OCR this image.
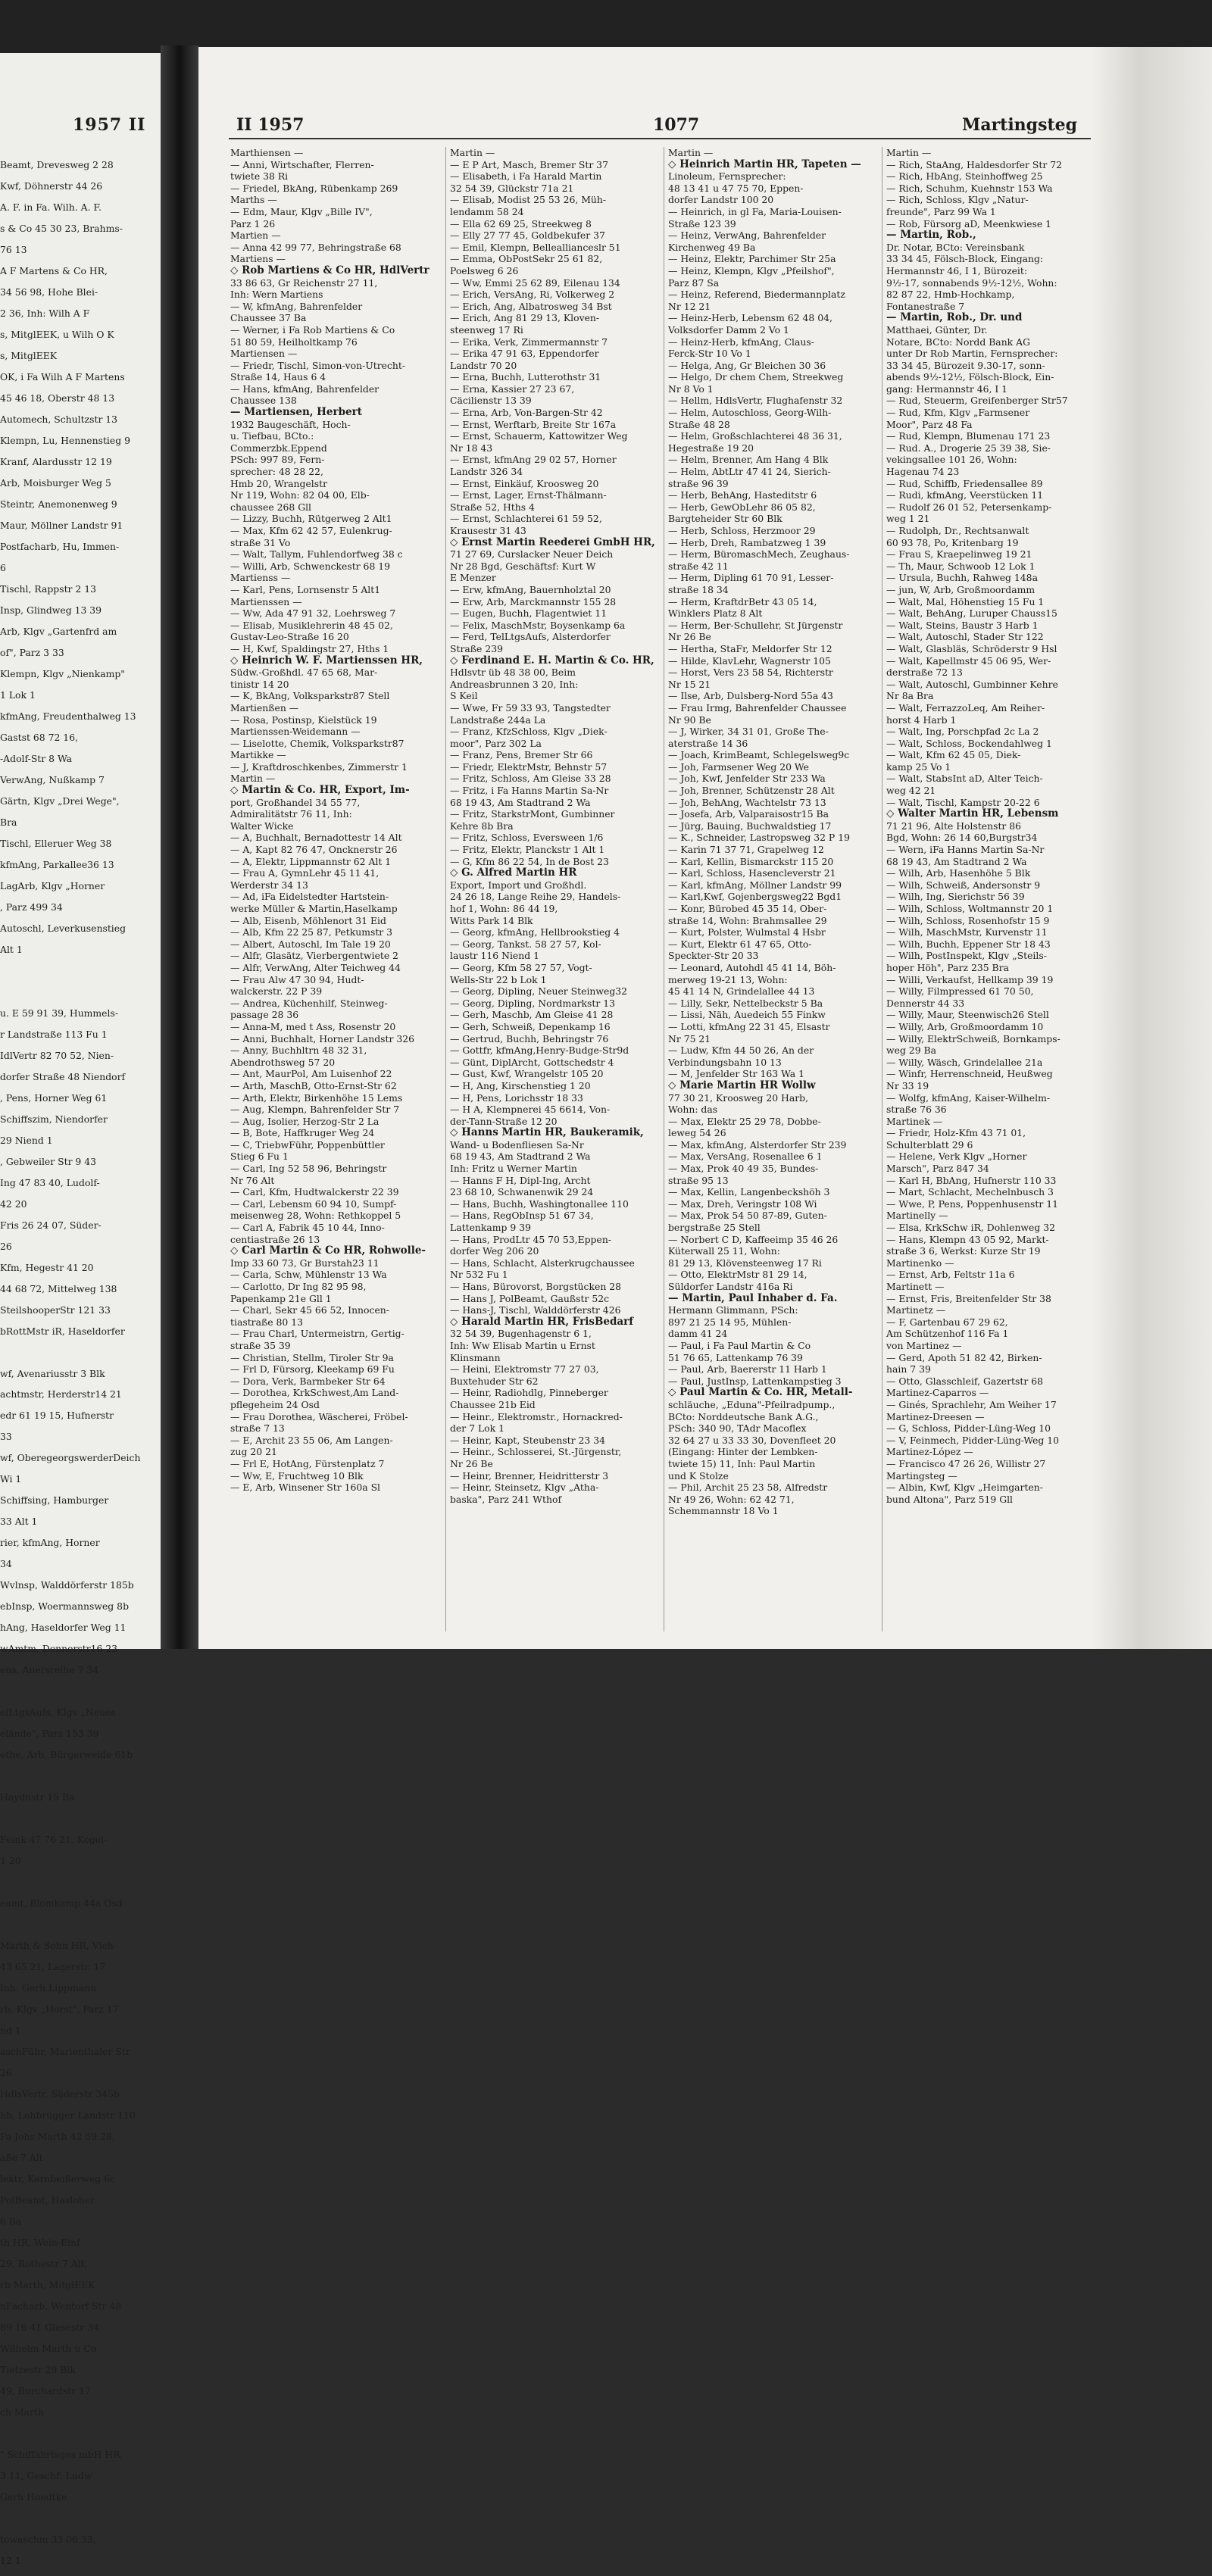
1957 II

Beamt, Drevesweg 2 28

Kwf, Döhnerstr 44 26

A. F. in Fa. Wilh. A. F.

s & Co 45 30 23, Brahms-

76 13

A F Martens & Co HR,

34 56 98, Hohe Blei-

2 36, Inh: Wilh A F

s, MitglEEK, u Wilh O K

s, MitglEEK

OK, i Fa Wilh A F Martens

45 46 18, Oberstr 48 13

Automech, Schultzstr 13

Klempn, Lu, Hennenstieg 9

Kranf, Alardusstr 12 19

Arb, Moisburger Weg 5

Steintr, Anemonenweg 9

Maur, Möllner Landstr 91

Postfacharb, Hu, Immen-

6

Tischl, Rappstr 2 13

Insp, Glindweg 13 39

Arb, Klgv „Gartenfrd am

of", Parz 3 33

Klempn, Klgv „Nienkamp"

1 Lok 1

kfmAng, Freudenthalweg 13

Gastst 68 72 16,

-Adolf-Str 8 Wa

VerwAng, Nußkamp 7

Gärtn, Klgv „Drei Wege",

Bra

Tischl, Elleruer Weg 38

kfmAng, Parkallee36 13

LagArb, Klgv „Horner

, Parz 499 34

Autoschl, Leverkusenstieg

Alt 1

u. E 59 91 39, Hummels-

r Landstraße 113 Fu 1

IdlVertr 82 70 52, Nien-

dorfer Straße 48 Niendorf

, Pens, Horner Weg 61

Schiffszim, Niendorfer

29 Niend 1

, Gebweiler Str 9 43

Ing 47 83 40, Ludolf-

42 20

Fris 26 24 07, Süder-

26

Kfm, Hegestr 41 20

44 68 72, Mittelweg 138

SteilshooperStr 121 33

bRottMstr iR, Haseldorfer

wf, Avenariusstr 3 Blk

achtmstr, Herderstr14 21

edr 61 19 15, Hufnerstr

33

wf, OberegeorgswerderDeich

Wi 1

Schiffsing, Hamburger

33 Alt 1

rier, kfmAng, Horner

34

Wvlnsp, Walddörferstr 185b

ebInsp, Woermannsweg 8b

hAng, Haseldorfer Weg 11

wAmtm, Dennerstr16 23

ens, Auersreihe 7 34

elLtgsAufs, Klgv „Neues

elände", Parz 153 39

ethe, Arb, Bürgerweide 61b

Haydnstr 15 Ba

Feink 47 76 21, Kegel-

1 20

eamt, Blomkamp 44a Osd

Marth & Sohn HR, Vieh-

43 65 21, Lagerstr. 17

Inh: Gerh Lippmann

rb, Klgv „Horst", Parz 17

nd 1

aschFühr, Marienthaler Str

26

HdlsVertr, Süderstr 345b

hb, Lohbrügger Landstr 110

Fa Johs Marth 42 59 28,

aße 7 Alt

lektr, Kernbeißerweg 6c

PolBeamt, Hasloher

6 Ba

th HR, Wein-Einf

29, Rothestr 7 Alt,

rb Marth, MitglEEK

nFacharb, Wentorf Str 48

89 16 41 Giesestr 34

Wilhelm Marth u Co

Tietzestr 29 Blk

49, Burchardstr 17

ch Marth

" Schiffahrtsges mbH HR,

3 11, Geschf: Ludw

Gerh Hoedtke

towaschm 33 06 33,

12 1

II 1957	1077	Martingsteg

Marthiensen —

— Anni, Wirtschafter, Flerren-

twiete 38 Ri

— Friedel, BkAng, Rübenkamp 269

Marths —

— Edm, Maur, Klgv „Bille IV",

Parz 1 26

Martien —

— Anna 42 99 77, Behringstraße 68

Martiens —

◇ Rob Martiens & Co HR, HdlVertr

33 86 63, Gr Reichenstr 27 11,

Inh: Wern Martiens

— W, kfmAng, Bahrenfelder

Chaussee 37 Ba

— Werner, i Fa Rob Martiens & Co

51 80 59, Heilholtkamp 76

Martiensen —

— Friedr, Tischl, Simon-von-Utrecht-

Straße 14, Haus 6 4

— Hans, kfmAng, Bahrenfelder

Chaussee 138

— Martiensen, Herbert

1932 Baugeschäft, Hoch-

u. Tiefbau, BCto.:

Commerzbk.Eppend

PSch: 997 89, Fern-

sprecher: 48 28 22,

Hmb 20, Wrangelstr

Nr 119, Wohn: 82 04 00, Elb-

chaussee 268 Gll

— Lizzy, Buchh, Rütgerweg 2 Alt1

— Max, Kfm 62 42 57, Eulenkrug-

straße 31 Vo

— Walt, Tallym, Fuhlendorfweg 38 c

— Willi, Arb, Schwenckestr 68 19

Martienss —

— Karl, Pens, Lornsenstr 5 Alt1

Martienssen —

— Ww, Ada 47 91 32, Loehrsweg 7

— Elisab, Musiklehrerin 48 45 02,

Gustav-Leo-Straße 16 20

— H, Kwf, Spaldingstr 27, Hths 1

◇ Heinrich W. F. Martienssen HR,

Südw.-Großhdl. 47 65 68, Mar-

tinistr 14 20

— K, BkAng, Volksparkstr87 Stell

Martienßen —

— Rosa, Postinsp, Kielstück 19

Martienssen-Weidemann —

— Liselotte, Chemik, Volksparkstr87

Martikke —

— J, Kraftdroschkenbes, Zimmerstr 1

Martin —

◇ Martin & Co. HR, Export, Im-

port, Großhandel 34 55 77,

Admiralitätstr 76 11, Inh:

Walter Wicke

— A, Buchhalt, Bernadottestr 14 Alt

— A, Kapt 82 76 47, Oncknerstr 26

— A, Elektr, Lippmannstr 62 Alt 1

— Frau A, GymnLehr 45 11 41,

Werderstr 34 13

— Ad, iFa Eidelstedter Hartstein-

werke Müller & Martin,Haselkamp

— Alb, Eisenb, Möhlenort 31 Eid

— Alb, Kfm 22 25 87, Petkumstr 3

— Albert, Autoschl, Im Tale 19 20

— Alfr, Glasätz, Vierbergentwiete 2

— Alfr, VerwAng, Alter Teichweg 44

— Frau Alw 47 30 94, Hudt-

walckerstr. 22 P 39

— Andrea, Küchenhilf, Steinweg-

passage 28 36

— Anna-M, med t Ass, Rosenstr 20

— Anni, Buchhalt, Horner Landstr 326

— Anny, Buchhltrn 48 32 31,

Abendrothsweg 57 20

— Ant, MaurPol, Am Luisenhof 22

— Arth, MaschB, Otto-Ernst-Str 62

— Arth, Elektr, Birkenhöhe 15 Lems

— Aug, Klempn, Bahrenfelder Str 7

— Aug, Isolier, Herzog-Str 2 La

— B, Bote, Haffkruger Weg 24

— C, TriebwFühr, Poppenbüttler

Stieg 6 Fu 1

— Carl, Ing 52 58 96, Behringstr

Nr 76 Alt

— Carl, Kfm, Hudtwalckerstr 22 39

— Carl, Lebensm 60 94 10, Sumpf-

meisenweg 28, Wohn: Rethkoppel 5

— Carl A, Fabrik 45 10 44, Inno-

centiastraße 26 13

◇ Carl Martin & Co HR, Rohwolle-

Imp 33 60 73, Gr Burstah23 11

— Carla, Schw, Mühlenstr 13 Wa

— Carlotto, Dr Ing 82 95 98,

Papenkamp 21e Gll 1

— Charl, Sekr 45 66 52, Innocen-

tiastraße 80 13

— Frau Charl, Untermeistrn, Gertig-

straße 35 39

— Christian, Stellm, Tiroler Str 9a

— Frl D, Fürsorg, Kleekamp 69 Fu

— Dora, Verk, Barmbeker Str 64

— Dorothea, KrkSchwest,Am Land-

pflegeheim 24 Osd

— Frau Dorothea, Wäscherei, Fröbel-

straße 7 13

— E, Archit 23 55 06, Am Langen-

zug 20 21

— Frl E, HotAng, Fürstenplatz 7

— Ww, E, Fruchtweg 10 Blk

— E, Arb, Winsener Str 160a Sl

Martin —

— E P Art, Masch, Bremer Str 37

— Elisabeth, i Fa Harald Martin

32 54 39, Glückstr 71a 21

— Elisab, Modist 25 53 26, Müh-

lendamm 58 24

— Ella 62 69 25, Streekweg 8

— Elly 27 77 45, Goldbekufer 37

— Emil, Klempn, Belleallianceslr 51

— Emma, ObPostSekr 25 61 82,

Poelsweg 6 26

— Ww, Emmi 25 62 89, Eilenau 134

— Erich, VersAng, Ri, Volkerweg 2

— Erich, Ang, Albatrosweg 34 Bst

— Erich, Ang 81 29 13, Kloven-

steenweg 17 Ri

— Erika, Verk, Zimmermannstr 7

— Erika 47 91 63, Eppendorfer

Landstr 70 20

— Erna, Buchh, Lutterothstr 31

— Erna, Kassier 27 23 67,

Cäcilienstr 13 39

— Erna, Arb, Von-Bargen-Str 42

— Ernst, Werftarb, Breite Str 167a

— Ernst, Schauerm, Kattowitzer Weg

Nr 18 43

— Ernst, kfmAng 29 02 57, Horner

Landstr 326 34

— Ernst, Einkäuf, Kroosweg 20

— Ernst, Lager, Ernst-Thälmann-

Straße 52, Hths 4

— Ernst, Schlachterei 61 59 52,

Krausestr 31 43

◇ Ernst Martin Reederei GmbH HR,

71 27 69, Curslacker Neuer Deich

Nr 28 Bgd, Geschäftsf: Kurt W

E Menzer

— Erw, kfmAng, Bauernholztal 20

— Erw, Arb, Marckmannstr 155 28

— Eugen, Buchh, Flagentwiet 11

— Felix, MaschMstr, Boysenkamp 6a

— Ferd, TelLtgsAufs, Alsterdorfer

Straße 239

◇ Ferdinand E. H. Martin & Co. HR,

Hdlsvtr üb 48 38 00, Beim

Andreasbrunnen 3 20, Inh:

S Keil

— Wwe, Fr 59 33 93, Tangstedter

Landstraße 244a La

— Franz, KfzSchloss, Klgv „Diek-

moor", Parz 302 La

— Franz, Pens, Bremer Str 66

— Friedr, ElektrMstr, Behnstr 57

— Fritz, Schloss, Am Gleise 33 28

— Fritz, i Fa Hanns Martin Sa-Nr

68 19 43, Am Stadtrand 2 Wa

— Fritz, StarkstrMont, Gumbinner

Kehre 8b Bra

— Fritz, Schloss, Eversween 1/6

— Fritz, Elektr, Planckstr 1 Alt 1

— G, Kfm 86 22 54, In de Bost 23

◇ G. Alfred Martin HR

Export, Import und Großhdl.

24 26 18, Lange Reihe 29, Handels-

hof 1, Wohn: 86 44 19,

Witts Park 14 Blk

— Georg, kfmAng, Hellbrookstieg 4

— Georg, Tankst. 58 27 57, Kol-

laustr 116 Niend 1

— Georg, Kfm 58 27 57, Vogt-

Wells-Str 22 b Lok 1

— Georg, Dipling, Neuer Steinweg32

— Georg, Dipling, Nordmarkstr 13

— Gerh, Maschb, Am Gleise 41 28

— Gerh, Schweiß, Depenkamp 16

— Gertrud, Buchh, Behringstr 76

— Gottfr, kfmAng,Henry-Budge-Str9d

— Günt, DiplArcht, Gottschedstr 4

— Gust, Kwf, Wrangelstr 105 20

— H, Ang, Kirschenstieg 1 20

— H, Pens, Lorichsstr 18 33

— H A, Klempnerei 45 6614, Von-

der-Tann-Straße 12 20

◇ Hanns Martin HR, Baukeramik,

Wand- u Bodenfliesen Sa-Nr

68 19 43, Am Stadtrand 2 Wa

Inh: Fritz u Werner Martin

— Hanns F H, Dipl-Ing, Archt

23 68 10, Schwanenwik 29 24

— Hans, Buchh, Washingtonallee 110

— Hans, RegObInsp 51 67 34,

Lattenkamp 9 39

— Hans, ProdLtr 45 70 53,Eppen-

dorfer Weg 206 20

— Hans, Schlacht, Alsterkrugchaussee

Nr 532 Fu 1

— Hans, Bürovorst, Borgstücken 28

— Hans J, PolBeamt, Gaußstr 52c

— Hans-J, Tischl, Walddörferstr 426

◇ Harald Martin HR, FrisBedarf

32 54 39, Bugenhagenstr 6 1,

Inh: Ww Elisab Martin u Ernst

Klinsmann

— Heini, Elektromstr 77 27 03,

Buxtehuder Str 62

— Heinr, Radiohdlg, Pinneberger

Chaussee 21b Eid

— Heinr., Elektromstr., Hornackred-

der 7 Lok 1

— Heinr, Kapt, Steubenstr 23 34

— Heinr., Schlosserei, St.-Jürgenstr,

Nr 26 Be

— Heinr, Brenner, Heidritterstr 3

— Heinr, Steinsetz, Klgv „Atha-

baska", Parz 241 Wthof

Martin —

◇ Heinrich Martin HR, Tapeten —

Linoleum, Fernsprecher:

48 13 41 u 47 75 70, Eppen-

dorfer Landstr 100 20

— Heinrich, in gl Fa, Maria-Louisen-

Straße 123 39

— Heinz, VerwAng, Bahrenfelder

Kirchenweg 49 Ba

— Heinz, Elektr, Parchimer Str 25a

— Heinz, Klempn, Klgv „Pfeilshof",

Parz 87 Sa

— Heinz, Referend, Biedermannplatz

Nr 12 21

— Heinz-Herb, Lebensm 62 48 04,

Volksdorfer Damm 2 Vo 1

— Heinz-Herb, kfmAng, Claus-

Ferck-Str 10 Vo 1

— Helga, Ang, Gr Bleichen 30 36

— Helgo, Dr chem Chem, Streekweg

Nr 8 Vo 1

— Hellm, HdlsVertr, Flughafenstr 32

— Helm, Autoschloss, Georg-Wilh-

Straße 48 28

— Helm, Großschlachterei 48 36 31,

Hegestraße 19 20

— Helm, Brenner, Am Hang 4 Blk

— Helm, AbtLtr 47 41 24, Sierich-

straße 96 39

— Herb, BehAng, Hasteditstr 6

— Herb, GewObLehr 86 05 82,

Bargteheider Str 60 Blk

— Herb, Schloss, Herzmoor 29

— Herb, Dreh, Rambatzweg 1 39

— Herm, BüromaschMech, Zeughaus-

straße 42 11

— Herm, Dipling 61 70 91, Lesser-

straße 18 34

— Herm, KraftdrBetr 43 05 14,

Winklers Platz 8 Alt

— Herm, Ber-Schullehr, St Jürgenstr

Nr 26 Be

— Hertha, StaFr, Meldorfer Str 12

— Hilde, KlavLehr, Wagnerstr 105

— Horst, Vers 23 58 54, Richterstr

Nr 15 21

— Ilse, Arb, Dulsberg-Nord 55a 43

— Frau Irmg, Bahrenfelder Chaussee

Nr 90 Be

— J, Wirker, 34 31 01, Große The-

aterstraße 14 36

— Joach, KrimBeamt, Schlegelsweg9c

— Joh, Farmsener Weg 20 We

— Joh, Kwf, Jenfelder Str 233 Wa

— Joh, Brenner, Schützenstr 28 Alt

— Joh, BehAng, Wachtelstr 73 13

— Josefa, Arb, Valparaisostr15 Ba

— Jürg, Bauing, Buchwaldstieg 17

— K., Schneider, Lastropsweg 32 P 19

— Karin 71 37 71, Grapelweg 12

— Karl, Kellin, Bismarckstr 115 20

— Karl, Schloss, Hasencleverstr 21

— Karl, kfmAng, Möllner Landstr 99

— Karl,Kwf, Gojenbergsweg22 Bgd1

— Konr, Bürobed 45 35 14, Ober-

straße 14, Wohn: Brahmsallee 29

— Kurt, Polster, Wulmstal 4 Hsbr

— Kurt, Elektr 61 47 65, Otto-

Speckter-Str 20 33

— Leonard, Autohdl 45 41 14, Böh-

merweg 19-21 13, Wohn:

45 41 14 N, Grindelallee 44 13

— Lilly, Sekr, Nettelbeckstr 5 Ba

— Lissi, Näh, Auedeich 55 Finkw

— Lotti, kfmAng 22 31 45, Elsastr

Nr 75 21

— Ludw, Kfm 44 50 26, An der

Verbindungsbahn 10 13

— M, Jenfelder Str 163 Wa 1

◇ Marie Martin HR Wollw

77 30 21, Kroosweg 20 Harb,

Wohn: das

— Max, Elektr 25 29 78, Dobbe-

leweg 54 26

— Max, kfmAng, Alsterdorfer Str 239

— Max, VersAng, Rosenallee 6 1

— Max, Prok 40 49 35, Bundes-

straße 95 13

— Max, Kellin, Langenbeckshöh 3

— Max, Dreh, Veringstr 108 Wi

— Max, Prok 54 50 87-89, Guten-

bergstraße 25 Stell

— Norbert C D, Kaffeeimp 35 46 26

Küterwall 25 11, Wohn:

81 29 13, Klövensteenweg 17 Ri

— Otto, ElektrMstr 81 29 14,

Süldorfer Landstr 416a Ri

— Martin, Paul Inhaber d. Fa.

Hermann Glimmann, PSch:

897 21 25 14 95, Mühlen-

damm 41 24

— Paul, i Fa Paul Martin & Co

51 76 65, Lattenkamp 76 39

— Paul, Arb, Baererstr 11 Harb 1

— Paul, JustInsp, Lattenkampstieg 3

◇ Paul Martin & Co. HR, Metall-

schläuche, „Eduna"-Pfeilradpump.,

BCto: Norddeutsche Bank A.G.,

PSch: 340 90, TAdr Macoflex

32 64 27 u 33 33 30, Dovenfleet 20

(Eingang: Hinter der Lembken-

twiete 15) 11, Inh: Paul Martin

und K Stolze

— Phil, Archit 25 23 58, Alfredstr

Nr 49 26, Wohn: 62 42 71,

Schemmannstr 18 Vo 1

Martin —

— Rich, StaAng, Haldesdorfer Str 72

— Rich, HbAng, Steinhoffweg 25

— Rich, Schuhm, Kuehnstr 153 Wa

— Rich, Schloss, Klgv „Natur-

freunde", Parz 99 Wa 1

— Rob, Fürsorg aD, Meenkwiese 1

— Martin, Rob.,

Dr. Notar, BCto: Vereinsbank

33 34 45, Fölsch-Block, Eingang:

Hermannstr 46, I 1, Bürozeit:

9½-17, sonnabends 9½-12½, Wohn:

82 87 22, Hmb-Hochkamp,

Fontanestraße 7

— Martin, Rob., Dr. und

Matthaei, Günter, Dr.

Notare, BCto: Nordd Bank AG

unter Dr Rob Martin, Fernsprecher:

33 34 45, Bürozeit 9.30-17, sonn-

abends 9½-12½, Fölsch-Block, Ein-

gang: Hermannstr 46, I 1

— Rud, Steuerm, Greifenberger Str57

— Rud, Kfm, Klgv „Farmsener

Moor", Parz 48 Fa

— Rud, Klempn, Blumenau 171 23

— Rud. A., Drogerie 25 39 38, Sie-

vekingsallee 101 26, Wohn:

Hagenau 74 23

— Rud, Schiffb, Friedensallee 89

— Rudi, kfmAng, Veerstücken 11

— Rudolf 26 01 52, Petersenkamp-

weg 1 21

— Rudolph, Dr., Rechtsanwalt

60 93 78, Po, Kritenbarg 19

— Frau S, Kraepelinweg 19 21

— Th, Maur, Schwoob 12 Lok 1

— Ursula, Buchh, Rahweg 148a

— jun, W, Arb, Großmoordamm

— Walt, Mal, Höhenstieg 15 Fu 1

— Walt, BehAng, Luruper Chauss15

— Walt, Steins, Baustr 3 Harb 1

— Walt, Autoschl, Stader Str 122

— Walt, Glasbläs, Schröderstr 9 Hsl

— Walt, Kapellmstr 45 06 95, Wer-

derstraße 72 13

— Walt, Autoschl, Gumbinner Kehre

Nr 8a Bra

— Walt, FerrazzoLeq, Am Reiher-

horst 4 Harb 1

— Walt, Ing, Porschpfad 2c La 2

— Walt, Schloss, Bockendahlweg 1

— Walt, Kfm 62 45 05, Diek-

kamp 25 Vo 1

— Walt, StabsInt aD, Alter Teich-

weg 42 21

— Walt, Tischl, Kampstr 20-22 6

◇ Walter Martin HR, Lebensm

71 21 96, Alte Holstenstr 86

Bgd, Wohn: 26 14 60,Burgstr34

— Wern, iFa Hanns Martin Sa-Nr

68 19 43, Am Stadtrand 2 Wa

— Wilh, Arb, Hasenhöhe 5 Blk

— Wilh, Schweiß, Andersonstr 9

— Wilh, Ing, Sierichstr 56 39

— Wilh, Schloss, Woltmannstr 20 1

— Wilh, Schloss, Rosenhofstr 15 9

— Wilh, MaschMstr, Kurvenstr 11

— Wilh, Buchh, Eppener Str 18 43

— Wilh, PostInspekt, Klgv „Steils-

hoper Höh", Parz 235 Bra

— Willi, Verkaufst, Hellkamp 39 19

— Willy, Filmpressed 61 70 50,

Dennerstr 44 33

— Willy, Maur, Steenwisch26 Stell

— Willy, Arb, Großmoordamm 10

— Willy, ElektrSchweiß, Bornkamps-

weg 29 Ba

— Willy, Wäsch, Grindelallee 21a

— Winfr, Herrenschneid, Heußweg

Nr 33 19

— Wolfg, kfmAng, Kaiser-Wilhelm-

straße 76 36

Martinek —

— Friedr, Holz-Kfm 43 71 01,

Schulterblatt 29 6

— Helene, Verk Klgv „Horner

Marsch", Parz 847 34

— Karl H, BbAng, Hufnerstr 110 33

— Mart, Schlacht, Mechelnbusch 3

— Wwe, P, Pens, Poppenhusenstr 11

Martinelly —

— Elsa, KrkSchw iR, Dohlenweg 32

— Hans, Klempn 43 05 92, Markt-

straße 3 6, Werkst: Kurze Str 19

Martinenko —

— Ernst, Arb, Feltstr 11a 6

Martinett —

— Ernst, Fris, Breitenfelder Str 38

Martinetz —

— F, Gartenbau 67 29 62,

Am Schützenhof 116 Fa 1

von Martinez —

— Gerd, Apoth 51 82 42, Birken-

hain 7 39

— Otto, Glasschleif, Gazertstr 68

Martinez-Caparros —

— Ginés, Sprachlehr, Am Weiher 17

Martinez-Dreesen —

— G, Schloss, Pidder-Lüng-Weg 10

— V, Feinmech, Pidder-Lüng-Weg 10

Martinez-López —

— Francisco 47 26 26, Willistr 27

Martingsteg —

— Albin, Kwf, Klgv „Heimgarten-

bund Altona", Parz 519 Gll
